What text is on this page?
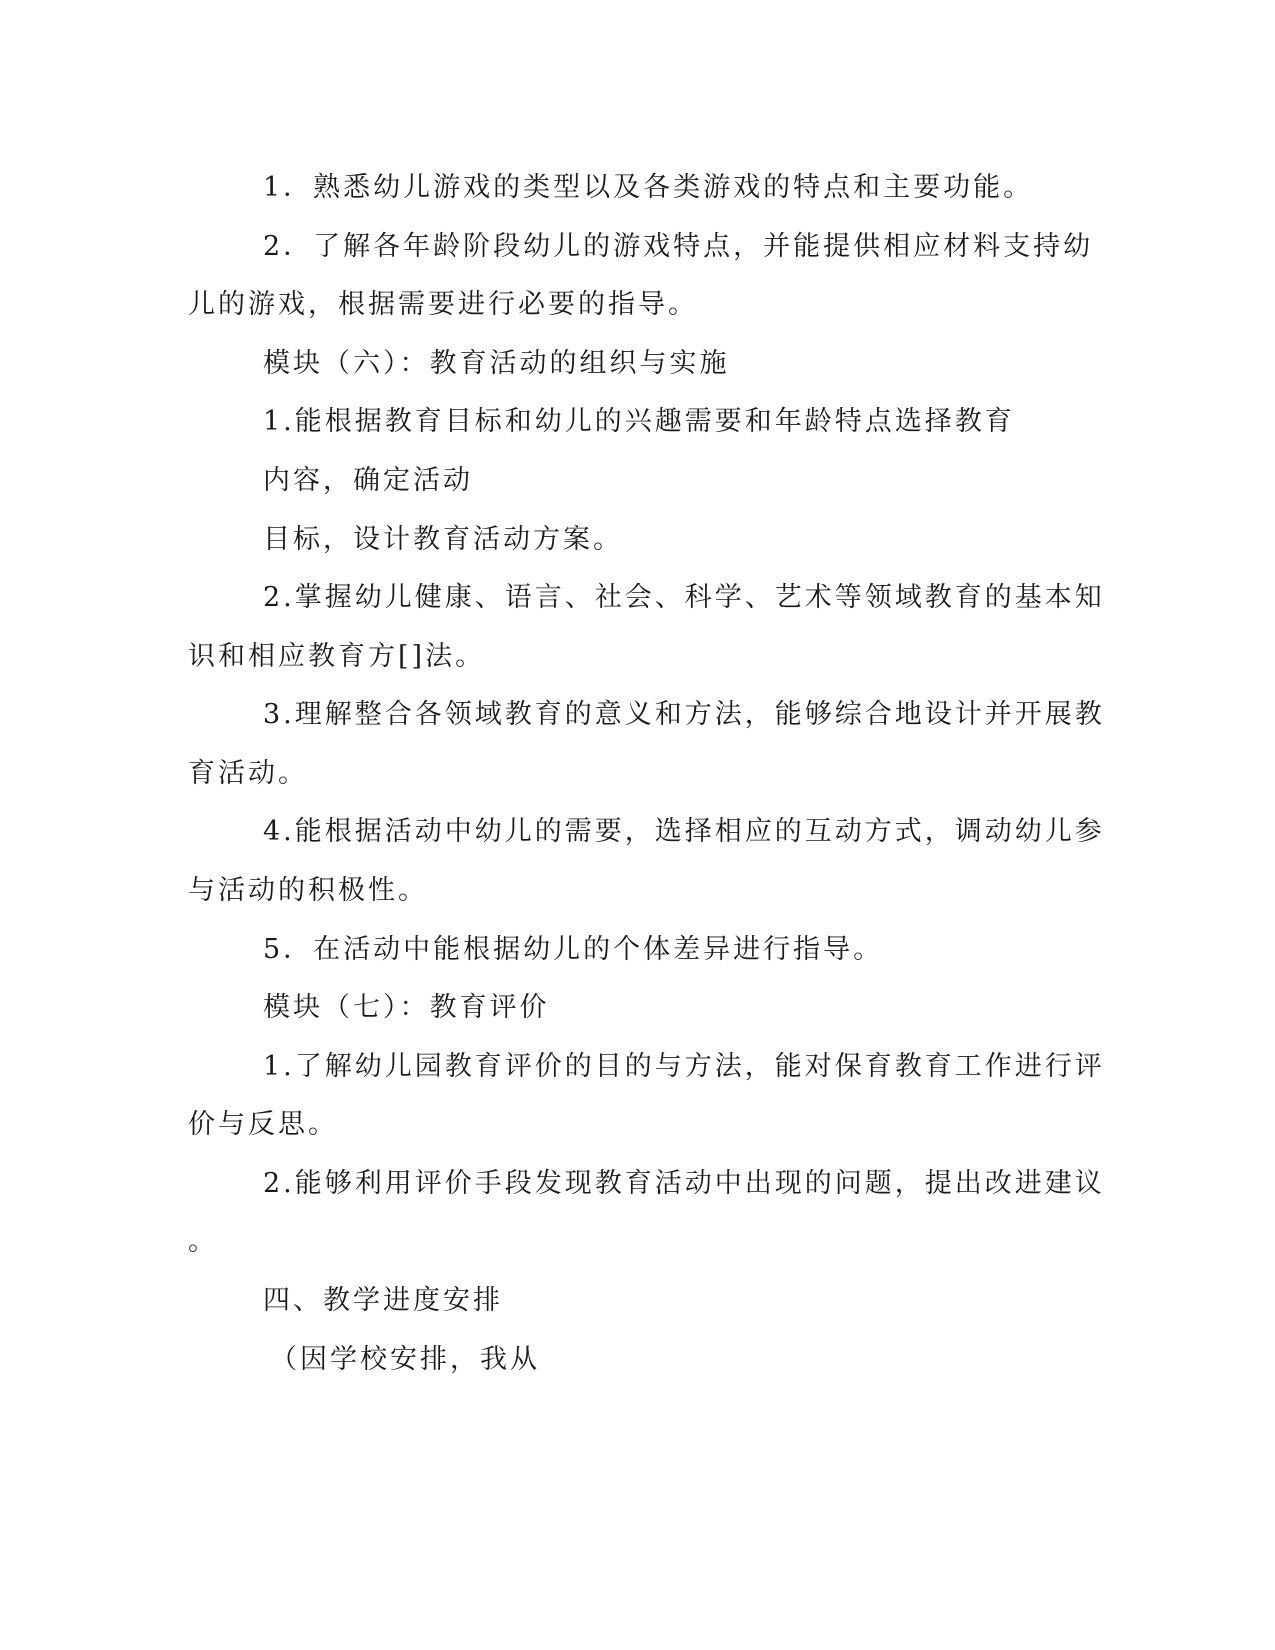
1．熟悉幼儿游戏的类型以及各类游戏的特点和主要功能。
2．了解各年龄阶段幼儿的游戏特点，并能提供相应材料支持幼
儿的游戏，根据需要进行必要的指导。
模块（六）：教育活动的组织与实施
1.能根据教育目标和幼儿的兴趣需要和年龄特点选择教育
内容，确定活动
目标，设计教育活动方案。
2.掌握幼儿健康、语言、社会、科学、艺术等领域教育的基本知
识和相应教育方[]法。
3.理解整合各领域教育的意义和方法，能够综合地设计并开展教
育活动。
4.能根据活动中幼儿的需要，选择相应的互动方式，调动幼儿参
与活动的积极性。
5．在活动中能根据幼儿的个体差异进行指导。
模块（七）：教育评价
1.了解幼儿园教育评价的目的与方法，能对保育教育工作进行评
价与反思。
2.能够利用评价手段发现教育活动中出现的问题，提出改进建议
。
四、教学进度安排
（因学校安排，我从
